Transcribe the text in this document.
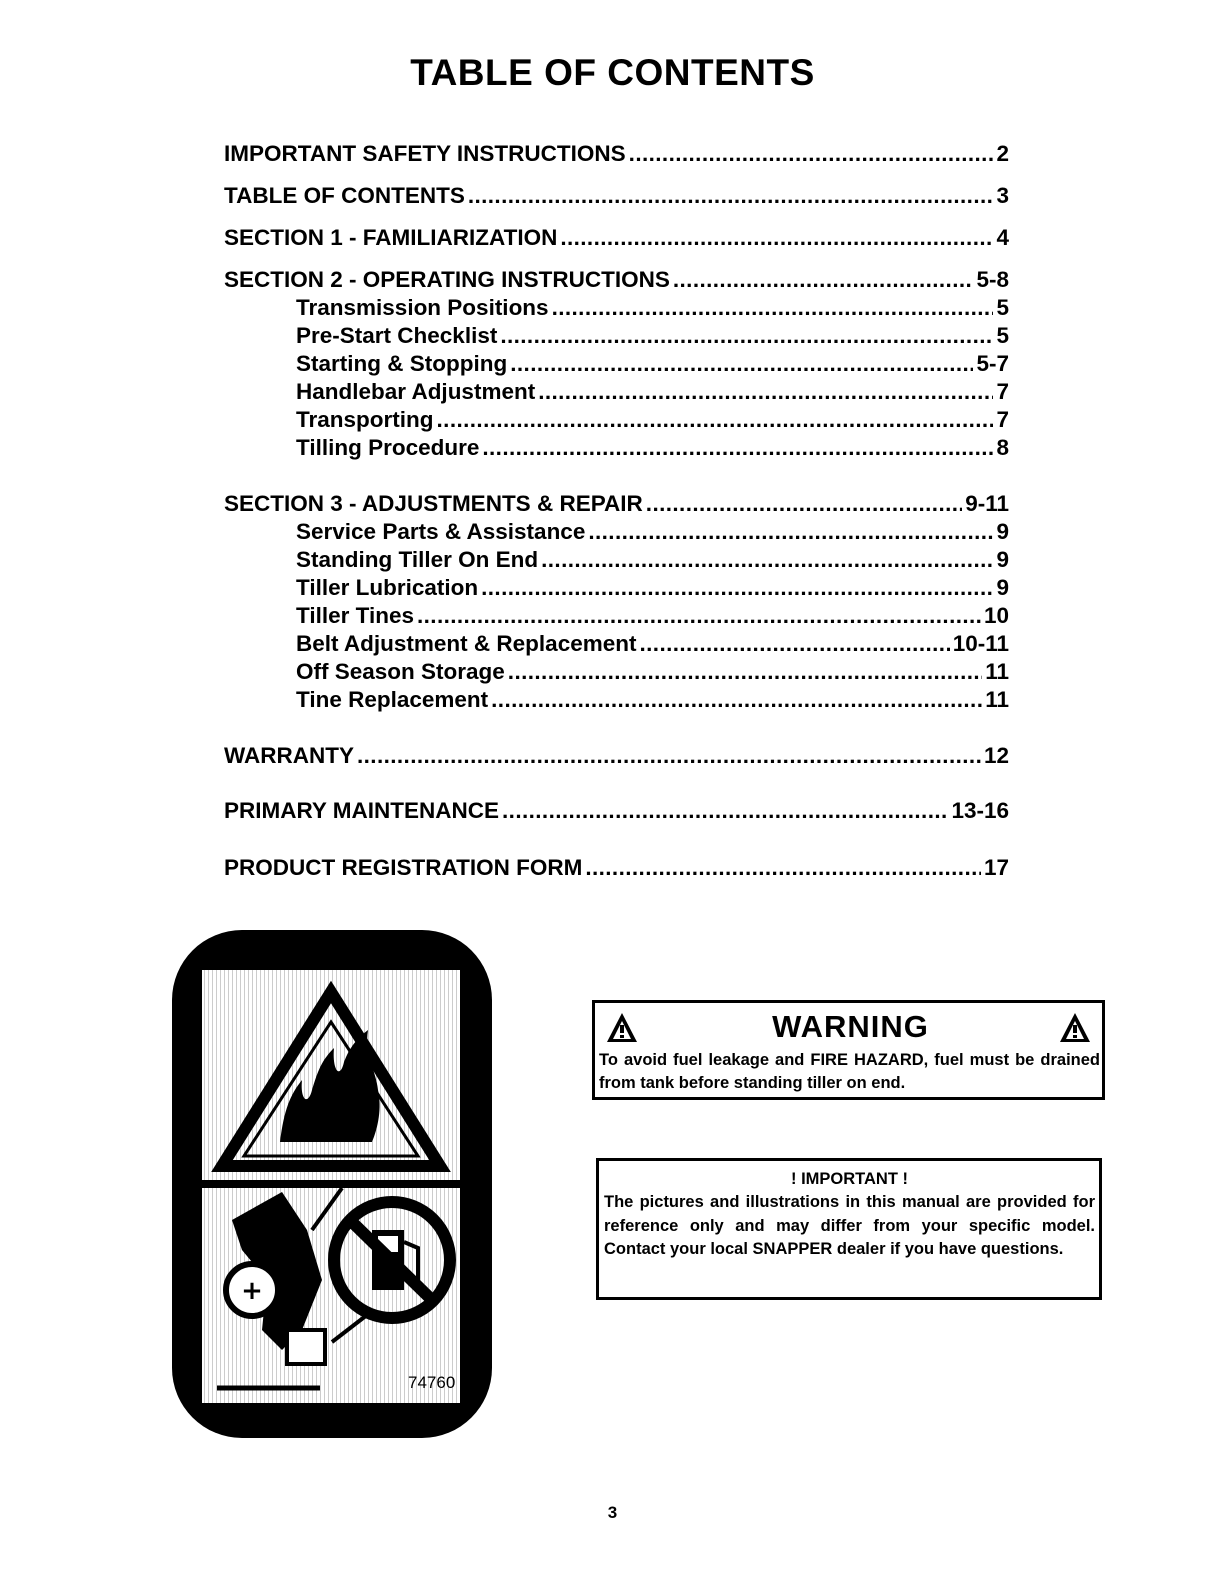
TABLE OF CONTENTS
IMPORTANT SAFETY INSTRUCTIONS .....	2
TABLE OF CONTENTS .....	3
SECTION 1 - FAMILIARIZATION .....	4
SECTION 2 - OPERATING INSTRUCTIONS .....	5-8
Transmission Positions .....	5
Pre-Start Checklist .....	5
Starting & Stopping .....	5-7
Handlebar Adjustment .....	7
Transporting .....	7
Tilling Procedure .....	8
SECTION 3 - ADJUSTMENTS & REPAIR .....	9-11
Service Parts & Assistance .....	9
Standing Tiller On End .....	9
Tiller Lubrication .....	9
Tiller Tines .....	10
Belt Adjustment & Replacement .....	10-11
Off Season Storage .....	11
Tine Replacement .....	11
WARRANTY .....	12
PRIMARY MAINTENANCE .....	13-16
PRODUCT REGISTRATION FORM .....	17
+
74760
WARNING
To avoid fuel leakage and FIRE HAZARD, fuel must be drained from tank before standing tiller on end.
! IMPORTANT !
The pictures and illustrations in this manual are provided for reference only and may differ from your specific model. Contact your local SNAPPER dealer if you have questions.
3
